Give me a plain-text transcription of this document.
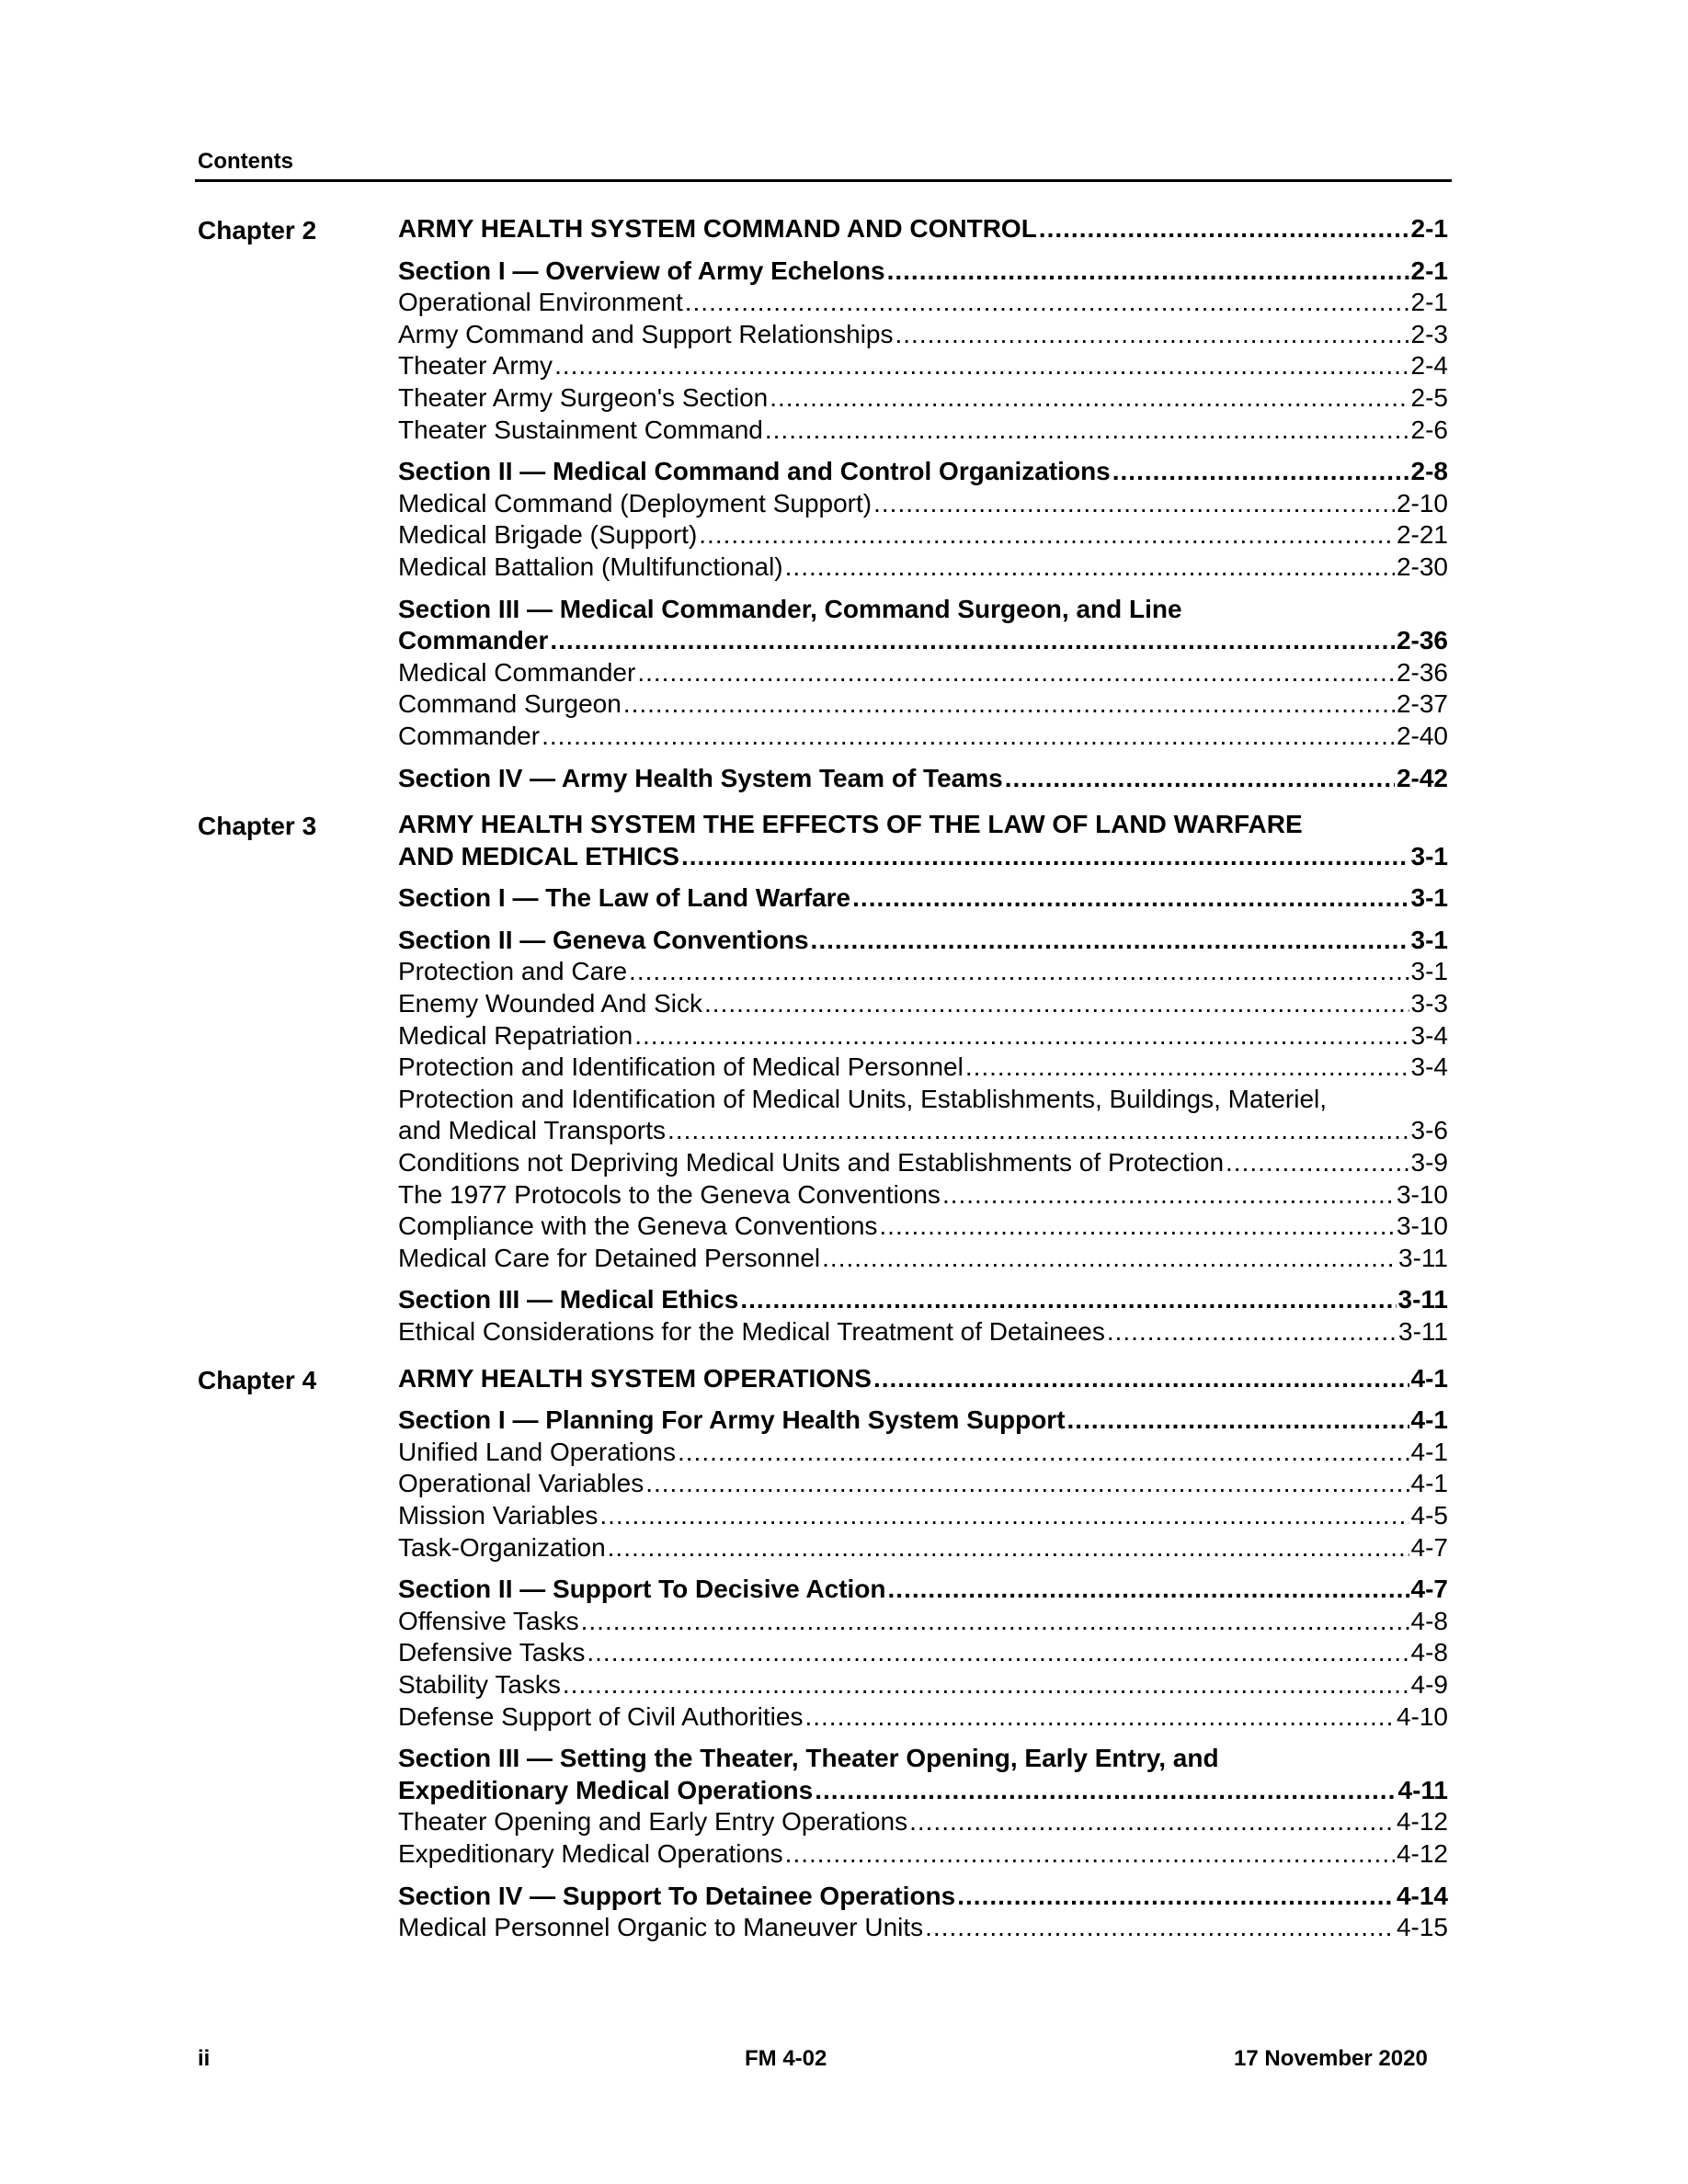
Contents
Chapter 2	ARMY HEALTH SYSTEM COMMAND AND CONTROL .....	2-1
Section I — Overview of Army Echelons .....	2-1
Operational Environment .....	2-1
Army Command and Support Relationships .....	2-3
Theater Army .....	2-4
Theater Army Surgeon's Section .....	2-5
Theater Sustainment Command .....	2-6
Section II — Medical Command and Control Organizations .....	2-8
Medical Command (Deployment Support) .....	2-10
Medical Brigade (Support) .....	2-21
Medical Battalion (Multifunctional) .....	2-30
Section III — Medical Commander, Command Surgeon, and Line
Commander .....	2-36
Medical Commander .....	2-36
Command Surgeon .....	2-37
Commander .....	2-40
Section IV — Army Health System Team of Teams .....	2-42
Chapter 3	ARMY HEALTH SYSTEM THE EFFECTS OF THE LAW OF LAND WARFARE
AND MEDICAL ETHICS .....	3-1
Section I — The Law of Land Warfare .....	3-1
Section II — Geneva Conventions .....	3-1
Protection and Care .....	3-1
Enemy Wounded And Sick .....	3-3
Medical Repatriation .....	3-4
Protection and Identification of Medical Personnel .....	3-4
Protection and Identification of Medical Units, Establishments, Buildings, Materiel,
and Medical Transports .....	3-6
Conditions not Depriving Medical Units and Establishments of Protection .....	3-9
The 1977 Protocols to the Geneva Conventions .....	3-10
Compliance with the Geneva Conventions .....	3-10
Medical Care for Detained Personnel .....	3-11
Section III — Medical Ethics .....	3-11
Ethical Considerations for the Medical Treatment of Detainees .....	3-11
Chapter 4	ARMY HEALTH SYSTEM OPERATIONS .....	4-1
Section I — Planning For Army Health System Support .....	4-1
Unified Land Operations .....	4-1
Operational Variables .....	4-1
Mission Variables .....	4-5
Task-Organization .....	4-7
Section II — Support To Decisive Action .....	4-7
Offensive Tasks .....	4-8
Defensive Tasks .....	4-8
Stability Tasks .....	4-9
Defense Support of Civil Authorities .....	4-10
Section III — Setting the Theater, Theater Opening, Early Entry, and
Expeditionary Medical Operations .....	4-11
Theater Opening and Early Entry Operations .....	4-12
Expeditionary Medical Operations .....	4-12
Section IV — Support To Detainee Operations .....	4-14
Medical Personnel Organic to Maneuver Units .....	4-15
ii	FM 4-02	17 November 2020
